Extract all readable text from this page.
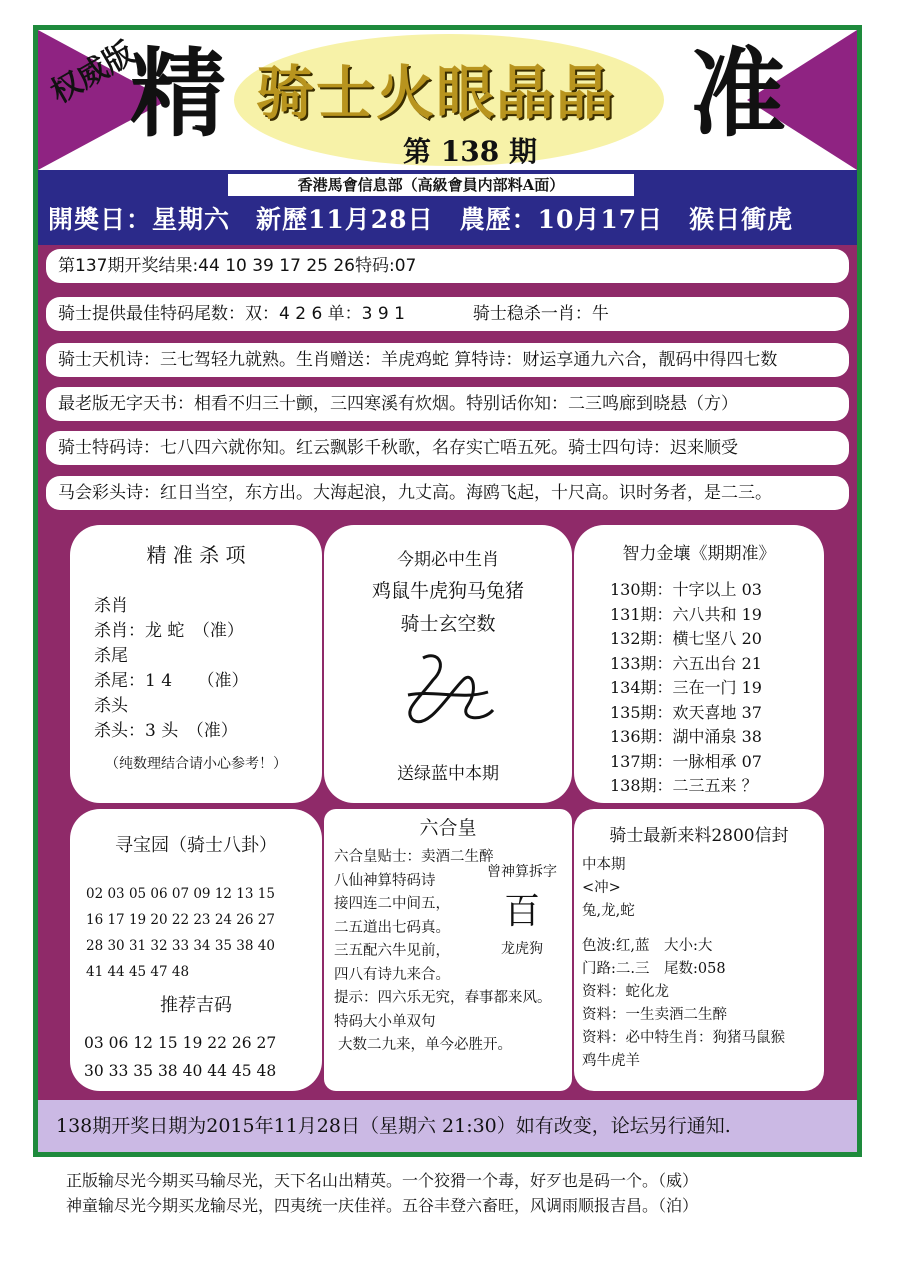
权威版
精	准
骑士火眼晶晶
第 138 期
香港馬會信息部（高級會員内部料A面）
開奬日：星期六　新歷11月28日　農歷：10月17日　猴日衝虎
第137期开奖结果:44 10 39 17 25 26特码:07
骑士提供最佳特码尾数：双：4 2 6 单：3 9 1　　　　骑士稳杀一肖：牛
骑士天机诗：三七驾轻九就熟。生肖赠送：羊虎鸡蛇 算特诗：财运享通九六合，靓码中得四七数
最老版无字天书：相看不归三十颤，三四寒溪有炊烟。特别话你知：二三鸣廊到晓悬（方）
骑士特码诗：七八四六就你知。红云飘影千秋歌，名存实亡唔五死。骑士四句诗：迟来顺受
马会彩头诗：红日当空，东方出。大海起浪，九丈高。海鸥飞起，十尺高。识时务者，是二三。
精 准 杀 项
杀肖
杀肖：龙 蛇　（准）
杀尾
杀尾：1 4　　（准）
杀头
杀头：3 头　（准）
（纯数理结合请小心参考！）
今期必中生肖
鸡鼠牛虎狗马兔猪
骑士玄空数
送绿蓝中本期
智力金壤《期期准》
130期：十字以上 03
131期：六八共和 19
132期：横七坚八 20
133期：六五出台 21
134期：三在一门 19
135期：欢天喜地 37
136期：湖中涌泉 38
137期：一脉相承 07
138期：二三五来 ？
寻宝园（骑士八卦）
02 03 05 06 07 09 12 13 15
16 17 19 20 22 23 24 26 27
28 30 31 32 33 34 35 38 40
41 44 45 47 48
推荐吉码
03 06 12 15 19 22 26 27
30 33 35 38 40 44 45 48
六合皇
六合皇贴士：卖酒二生醉
八仙神算特码诗
接四连二中间五，
二五道出七码真。
三五配六牛见前，
四八有诗九来合。
提示：四六乐无究，春事都来风。
特码大小单双句
大数二九来，单今必胜开。
曾神算拆字
百
龙虎狗
骑士最新来料2800信封
中本期
<冲>
兔,龙,蛇
色波:红,蓝　大小:大
门路:二.三　尾数:058
资料：蛇化龙
资料：一生卖酒二生醉
资料：必中特生肖：狗猪马鼠猴
鸡牛虎羊
138期开奖日期为2015年11月28日（星期六 21:30）如有改变，论坛另行通知.
正版输尽光今期买马输尽光，天下名山出精英。一个狡猾一个毒，好歹也是码一个。（威）
神童输尽光今期买龙输尽光，四夷统一庆佳祥。五谷丰登六畜旺，风调雨顺报吉昌。（泊）
